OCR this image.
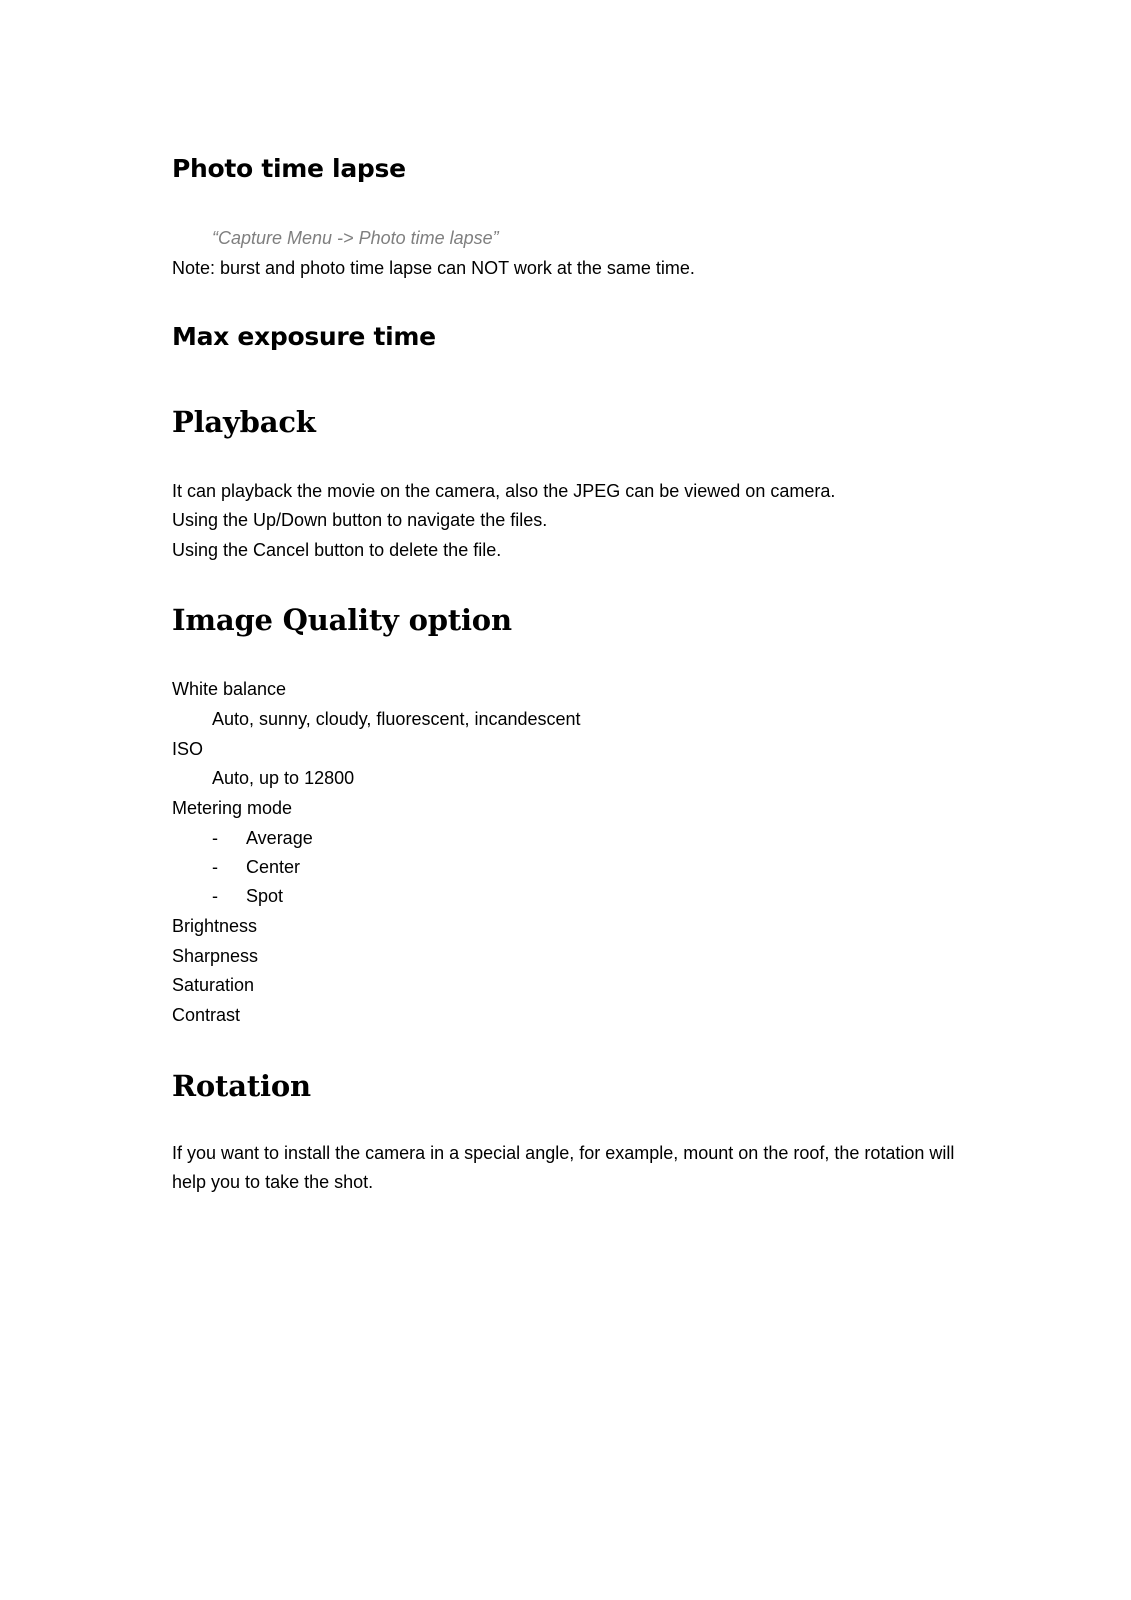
Photo time lapse
“Capture Menu -> Photo time lapse”
Note: burst and photo time lapse can NOT work at the same time.
Max exposure time
Playback
It can playback the movie on the camera, also the JPEG can be viewed on camera.
Using the Up/Down button to navigate the files.
Using the Cancel button to delete the file.
Image Quality option
White balance
Auto, sunny, cloudy, fluorescent, incandescent
ISO
Auto, up to 12800
Metering mode
- Average
- Center
- Spot
Brightness
Sharpness
Saturation
Contrast
Rotation
If you want to install the camera in a special angle, for example, mount on the roof, the rotation will help you to take the shot.
